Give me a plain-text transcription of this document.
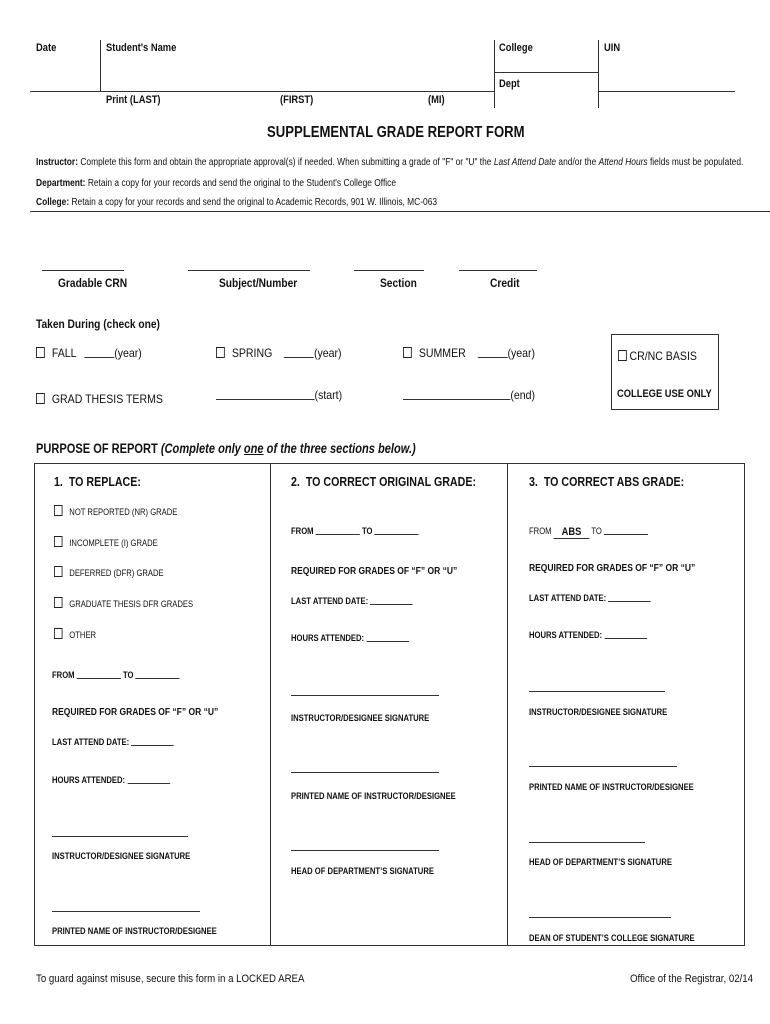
Date	Student's Name	College	UIN
Dept
Print (LAST)	(FIRST)	(MI)
SUPPLEMENTAL GRADE REPORT FORM
Instructor: Complete this form and obtain the appropriate approval(s) if needed. When submitting a grade of "F" or "U" the Last Attend Date and/or the Attend Hours fields must be populated.
Department: Retain a copy for your records and send the original to the Student's College Office
College: Retain a copy for your records and send the original to Academic Records, 901 W. Illinois, MC-063
Gradable CRN	Subject/Number	Section	Credit
Taken During (check one)
FALL	(year)	SPRING	(year)	SUMMER	(year)
GRAD THESIS TERMS	(start)	(end)
CR/NC BASIS
COLLEGE USE ONLY
PURPOSE OF REPORT (Complete only one of the three sections below.)
1. TO REPLACE:
NOT REPORTED (NR) GRADE
INCOMPLETE (I) GRADE
DEFERRED (DFR) GRADE
GRADUATE THESIS DFR GRADES
OTHER
FROM	TO
REQUIRED FOR GRADES OF “F” OR “U”
LAST ATTEND DATE:
HOURS ATTENDED:
INSTRUCTOR/DESIGNEE SIGNATURE
PRINTED NAME OF INSTRUCTOR/DESIGNEE
2. TO CORRECT ORIGINAL GRADE:
FROM	TO
REQUIRED FOR GRADES OF “F” OR “U”
LAST ATTEND DATE:
HOURS ATTENDED:
INSTRUCTOR/DESIGNEE SIGNATURE
PRINTED NAME OF INSTRUCTOR/DESIGNEE
HEAD OF DEPARTMENT’S SIGNATURE
3. TO CORRECT ABS GRADE:
FROM ABS TO
REQUIRED FOR GRADES OF “F” OR “U”
LAST ATTEND DATE:
HOURS ATTENDED:
INSTRUCTOR/DESIGNEE SIGNATURE
PRINTED NAME OF INSTRUCTOR/DESIGNEE
HEAD OF DEPARTMENT’S SIGNATURE
DEAN OF STUDENT’S COLLEGE SIGNATURE
To guard against misuse, secure this form in a LOCKED AREA	Office of the Registrar, 02/14
